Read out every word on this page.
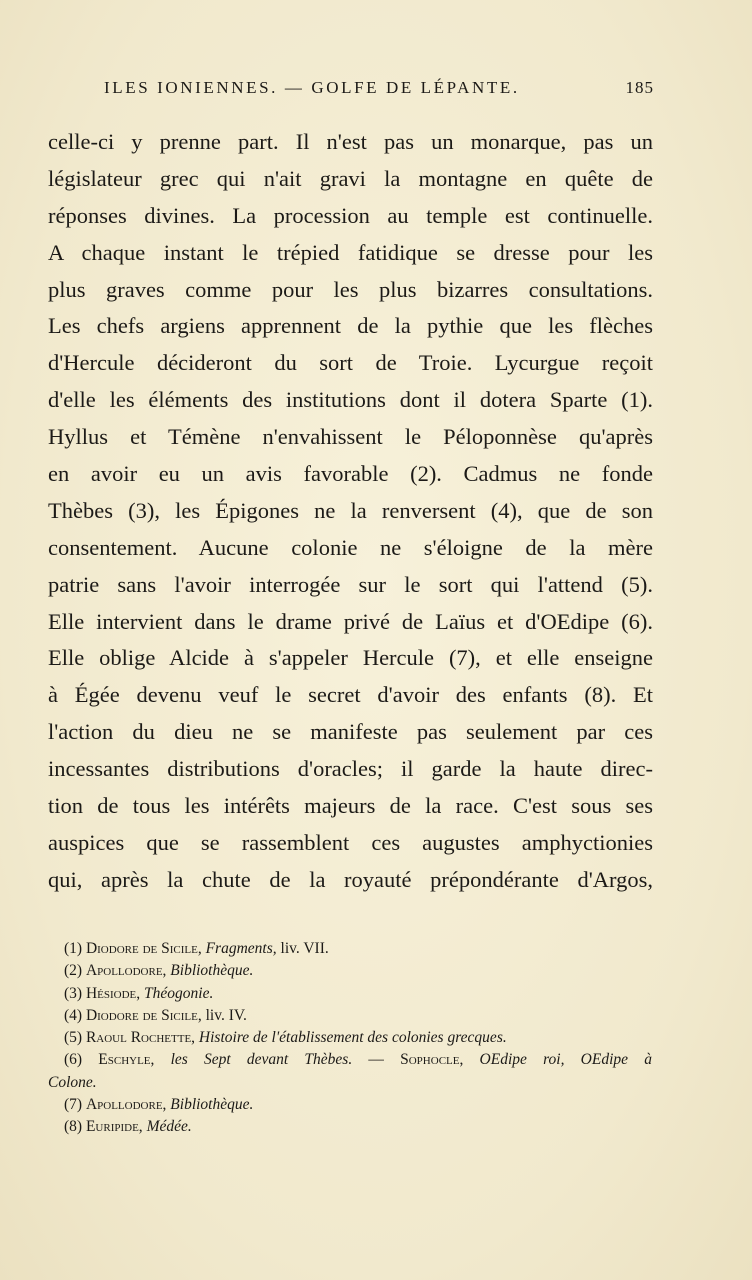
ILES IONIENNES. — GOLFE DE LÉPANTE.	185
celle-ci y prenne part. Il n'est pas un monarque, pas un
législateur grec qui n'ait gravi la montagne en quête de
réponses divines. La procession au temple est continuelle.
A chaque instant le trépied fatidique se dresse pour les
plus graves comme pour les plus bizarres consultations.
Les chefs argiens apprennent de la pythie que les flèches
d'Hercule décideront du sort de Troie. Lycurgue reçoit
d'elle les éléments des institutions dont il dotera Sparte (1).
Hyllus et Témène n'envahissent le Péloponnèse qu'après
en avoir eu un avis favorable (2). Cadmus ne fonde
Thèbes (3), les Épigones ne la renversent (4), que de son
consentement. Aucune colonie ne s'éloigne de la mère
patrie sans l'avoir interrogée sur le sort qui l'attend (5).
Elle intervient dans le drame privé de Laïus et d'OEdipe (6).
Elle oblige Alcide à s'appeler Hercule (7), et elle enseigne
à Égée devenu veuf le secret d'avoir des enfants (8). Et
l'action du dieu ne se manifeste pas seulement par ces
incessantes distributions d'oracles; il garde la haute direc-
tion de tous les intérêts majeurs de la race. C'est sous ses
auspices que se rassemblent ces augustes amphyctionies
qui, après la chute de la royauté prépondérante d'Argos,
(1) Diodore de Sicile, Fragments, liv. VII.
(2) Apollodore, Bibliothèque.
(3) Hésiode, Théogonie.
(4) Diodore de Sicile, liv. IV.
(5) Raoul Rochette, Histoire de l'établissement des colonies grecques.
(6) Eschyle, les Sept devant Thèbes. — Sophocle, OEdipe roi, OEdipe à
Colone.
(7) Apollodore, Bibliothèque.
(8) Euripide, Médée.
